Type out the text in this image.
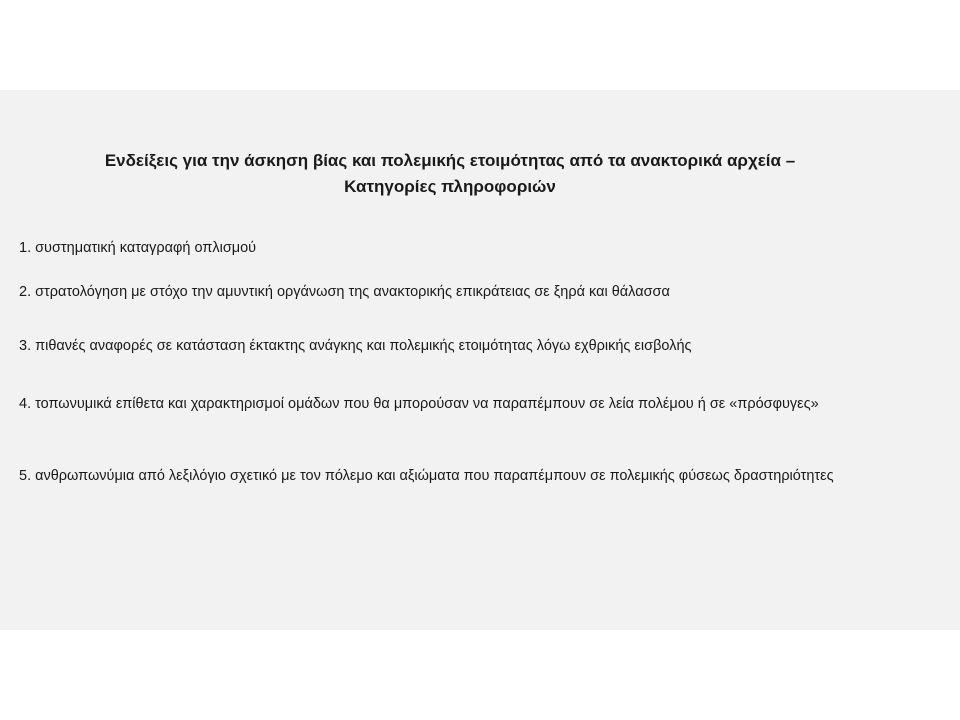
Ενδείξεις για την άσκηση βίας και πολεμικής ετοιμότητας από τα ανακτορικά αρχεία –
Κατηγορίες πληροφοριών
1. συστηματική καταγραφή οπλισμού
2. στρατολόγηση με στόχο την αμυντική οργάνωση της ανακτορικής επικράτειας σε ξηρά και θάλασσα
3. πιθανές αναφορές σε κατάσταση έκτακτης ανάγκης και πολεμικής ετοιμότητας λόγω εχθρικής εισβολής
4. τοπωνυμικά επίθετα και χαρακτηρισμοί ομάδων που θα μπορούσαν να παραπέμπουν σε λεία πολέμου ή σε «πρόσφυγες»
5. ανθρωπωνύμια από λεξιλόγιο σχετικό με τον πόλεμο και αξιώματα που παραπέμπουν σε πολεμικής φύσεως δραστηριότητες
